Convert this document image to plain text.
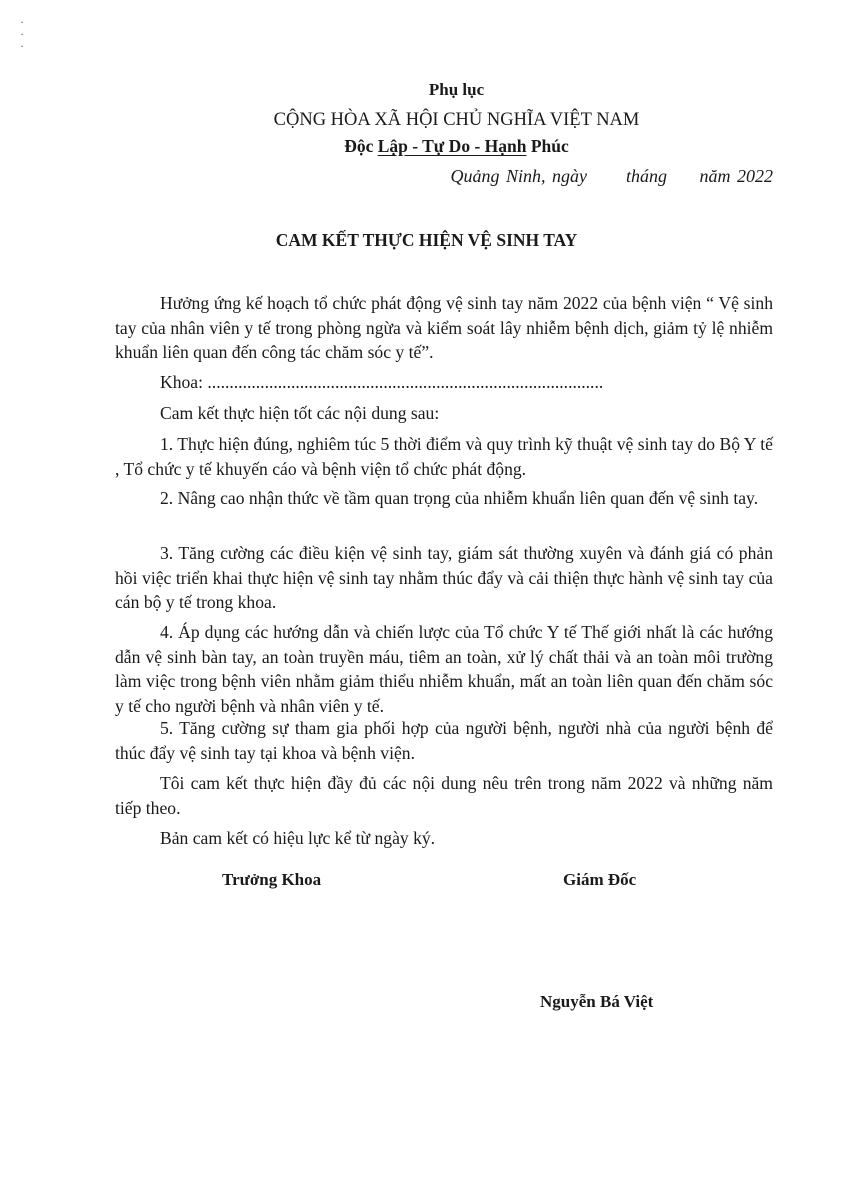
·
·
·
Phụ lục
CỘNG HÒA XÃ HỘI CHỦ NGHĨA VIỆT NAM
Độc Lập - Tự Do - Hạnh Phúc
Quảng Ninh, ngày      tháng     năm 2022
CAM KẾT THỰC HIỆN VỆ SINH TAY

Hưởng ứng kế hoạch tổ chức phát động vệ sinh tay năm 2022 của bệnh viện “ Vệ sinh tay của nhân viên y tế trong phòng ngừa và kiểm soát lây nhiễm bệnh dịch, giảm tỷ lệ nhiễm khuẩn liên quan đến công tác chăm sóc y tế”.

Khoa: ..........................................................................................

Cam kết thực hiện tốt các nội dung sau:

1. Thực hiện đúng, nghiêm túc 5 thời điểm và quy trình kỹ thuật vệ sinh tay do Bộ Y tế , Tổ chức y tế khuyến cáo và bệnh viện tổ chức phát động.

2. Nâng cao nhận thức về tầm quan trọng của nhiễm khuẩn liên quan đến vệ sinh tay.

3. Tăng cường các điều kiện vệ sinh tay, giám sát thường xuyên và đánh giá có phản hồi việc triển khai thực hiện vệ sinh tay nhằm thúc đẩy và cải thiện thực hành vệ sinh tay của cán bộ y tế trong khoa.

4. Áp dụng các hướng dẫn và chiến lược của Tổ chức Y tế Thế giới nhất là các hướng dẫn vệ sinh bàn tay, an toàn truyền máu, tiêm an toàn, xử lý chất thải và an toàn môi trường làm việc trong bệnh viên nhằm giảm thiểu nhiễm khuẩn, mất an toàn liên quan đến chăm sóc y tế cho người bệnh và nhân viên y tế.

5. Tăng cường sự tham gia phối hợp của người bệnh, người nhà của người bệnh để thúc đẩy vệ sinh tay tại khoa và bệnh viện.

Tôi cam kết thực hiện đầy đủ các nội dung nêu trên trong năm 2022 và những năm tiếp theo.

Bản cam kết có hiệu lực kể từ ngày ký.

Trưởng Khoa	Giám Đốc
Nguyễn Bá Việt
